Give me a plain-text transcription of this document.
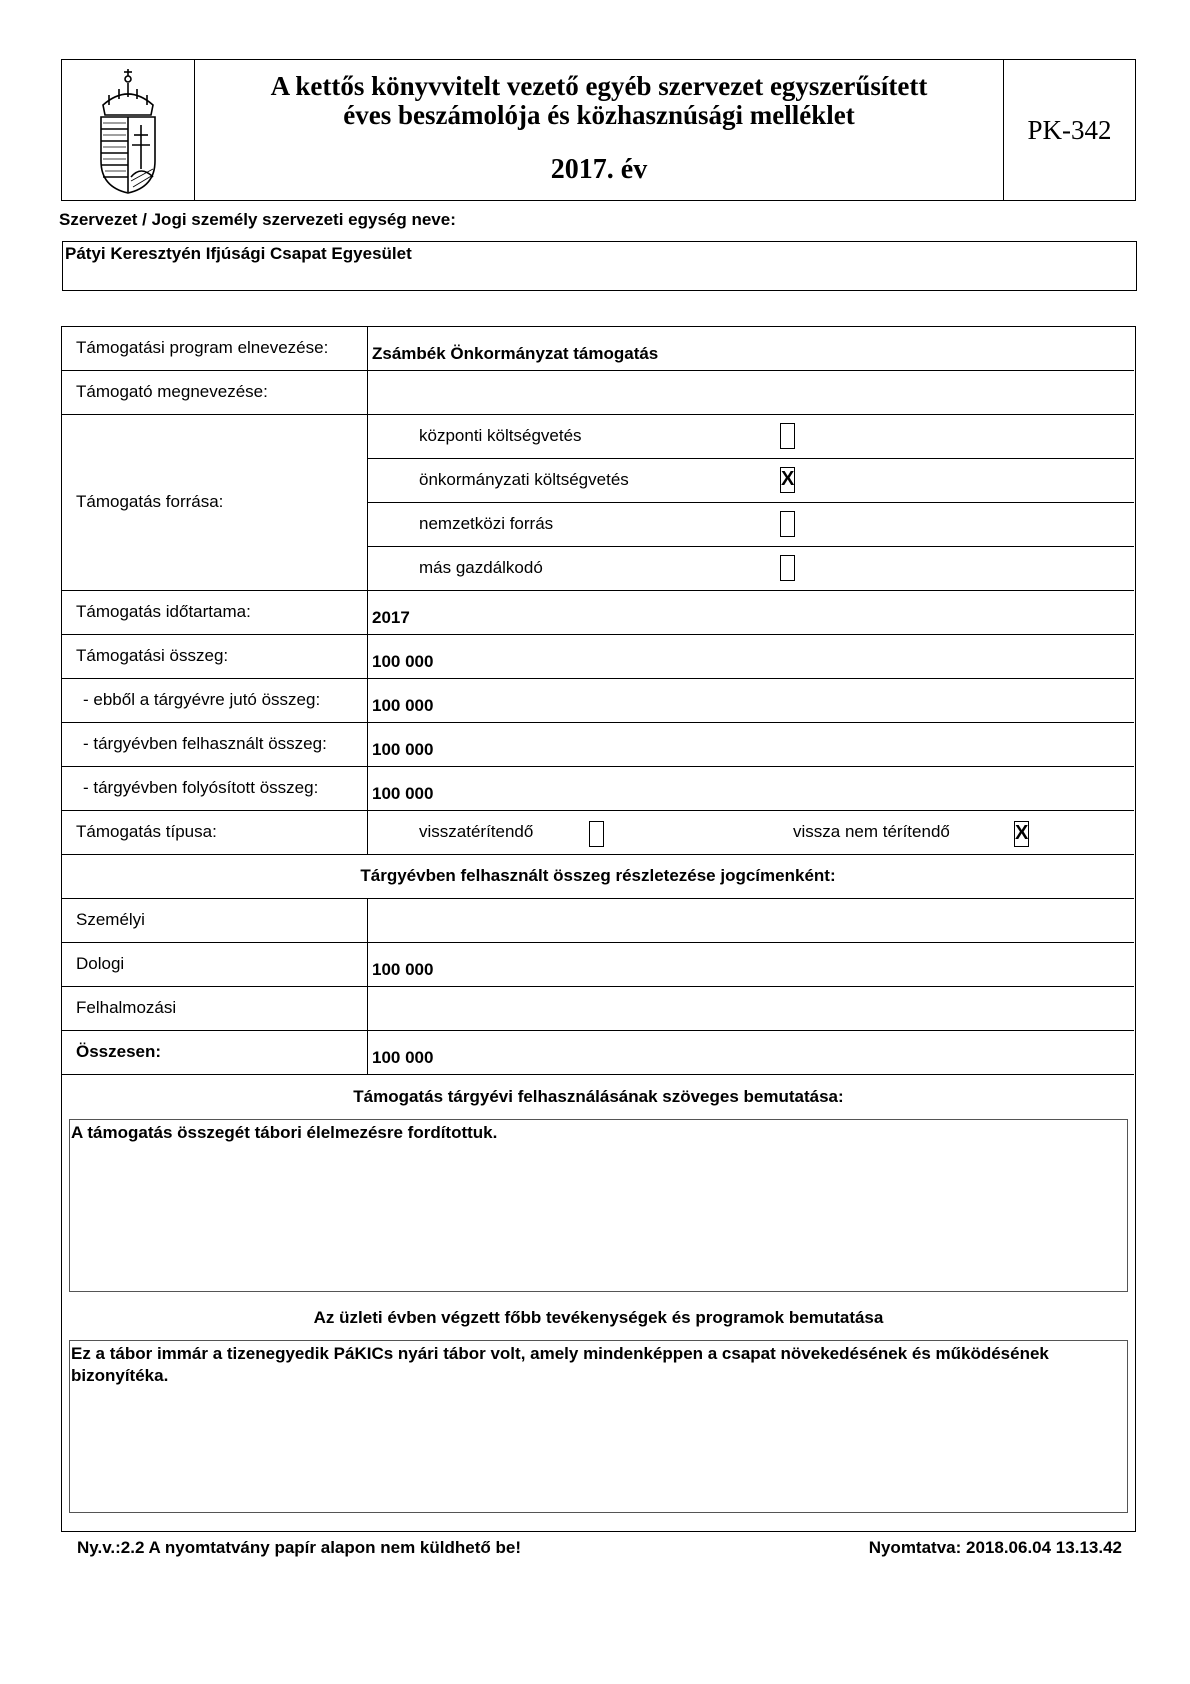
A kettős könyvvitelt vezető egyéb szervezet egyszerűsített
éves beszámolója és közhasznúsági melléklet
2017. év
PK-342
Szervezet / Jogi személy szervezeti egység neve:
Pátyi Keresztyén Ifjúsági Csapat Egyesület
Támogatási program elnevezése:	Zsámbék Önkormányzat támogatás
Támogató megnevezése:
Támogatás forrása:
központi költségvetés
önkormányzati költségvetés	X
nemzetközi forrás
más gazdálkodó
Támogatás időtartama:	2017
Támogatási összeg:	100 000
- ebből a tárgyévre jutó összeg:	100 000
- tárgyévben felhasznált összeg:	100 000
- tárgyévben folyósított összeg:	100 000
Támogatás típusa:	visszatérítendő	vissza nem térítendő	X
Tárgyévben felhasznált összeg részletezése jogcímenként:
Személyi
Dologi	100 000
Felhalmozási
Összesen:	100 000
Támogatás tárgyévi felhasználásának szöveges bemutatása:
A támogatás összegét tábori élelmezésre fordítottuk.
Az üzleti évben végzett főbb tevékenységek és programok bemutatása
Ez a tábor immár a tizenegyedik PáKICs nyári tábor volt, amely mindenképpen a csapat növekedésének és működésének bizonyítéka.
Ny.v.:2.2 A nyomtatvány papír alapon nem küldhető be!	Nyomtatva: 2018.06.04 13.13.42
